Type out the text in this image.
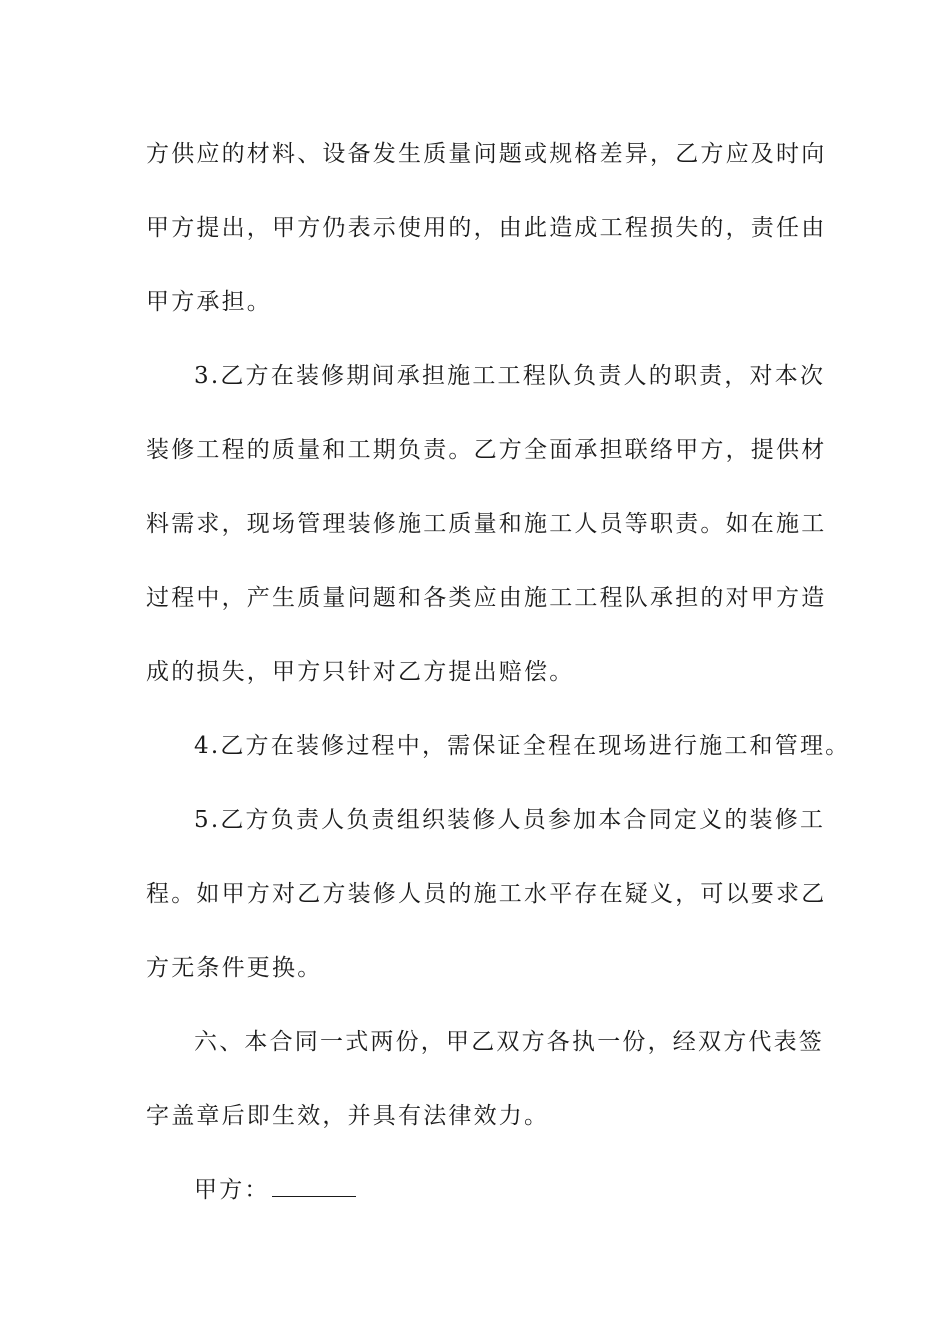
方供应的材料、设备发生质量问题或规格差异，乙方应及时向
甲方提出，甲方仍表示使用的，由此造成工程损失的，责任由
甲方承担。
3.乙方在装修期间承担施工工程队负责人的职责，对本次
装修工程的质量和工期负责。乙方全面承担联络甲方，提供材
料需求，现场管理装修施工质量和施工人员等职责。如在施工
过程中，产生质量问题和各类应由施工工程队承担的对甲方造
成的损失，甲方只针对乙方提出赔偿。
4.乙方在装修过程中，需保证全程在现场进行施工和管理。
5.乙方负责人负责组织装修人员参加本合同定义的装修工
程。如甲方对乙方装修人员的施工水平存在疑义，可以要求乙
方无条件更换。
六、本合同一式两份，甲乙双方各执一份，经双方代表签
字盖章后即生效，并具有法律效力。
甲方：
